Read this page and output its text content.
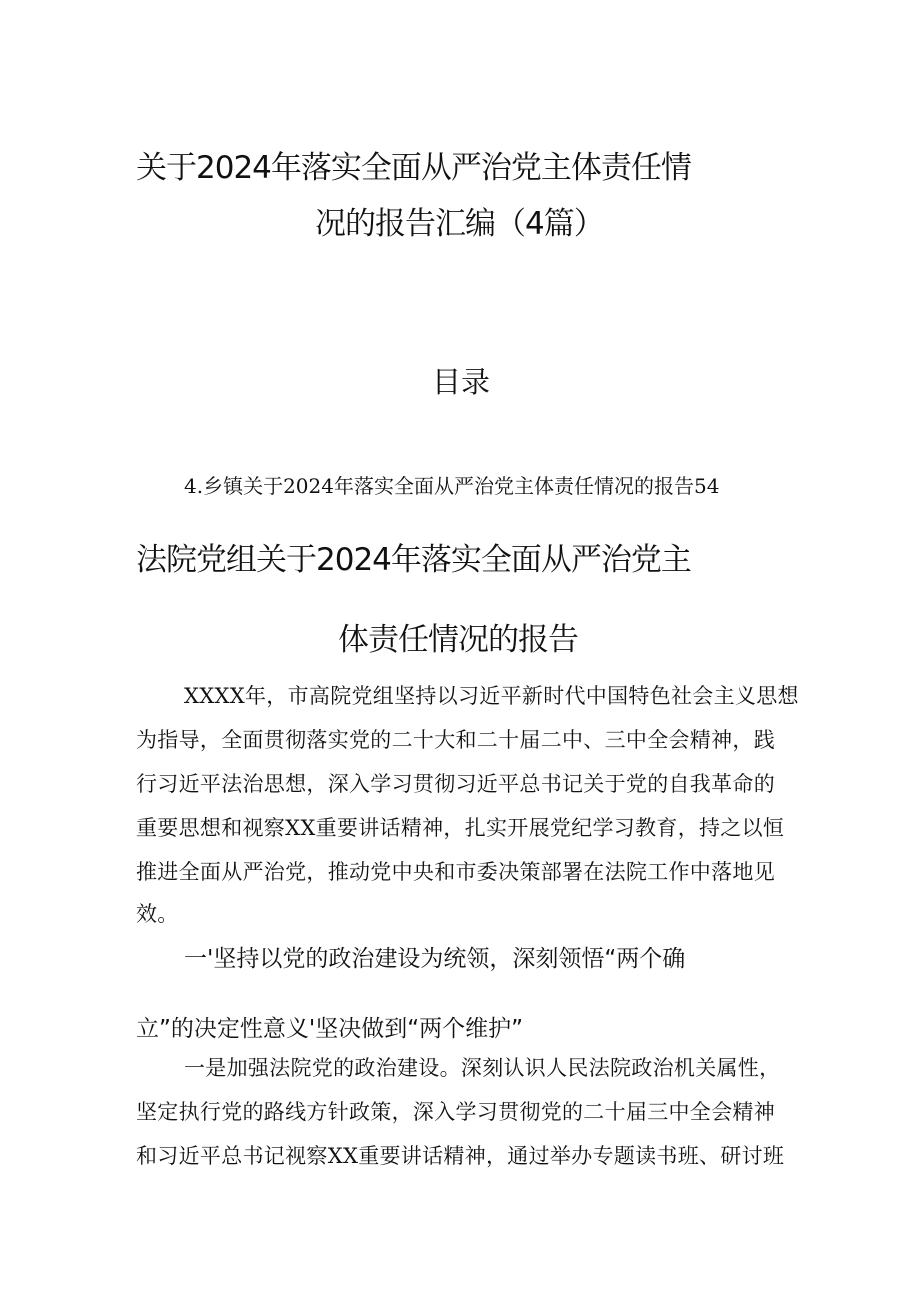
关于2024年落实全面从严治党主体责任情

况的报告汇编（4篇）

目录

4.乡镇关于2024年落实全面从严治党主体责任情况的报告54

法院党组关于2024年落实全面从严治党主

体责任情况的报告

XXXX年，市高院党组坚持以习近平新时代中国特色社会主义思想

为指导，全面贯彻落实党的二十大和二十届二中、三中全会精神，践

行习近平法治思想，深入学习贯彻习近平总书记关于党的自我革命的

重要思想和视察XX重要讲话精神，扎实开展党纪学习教育，持之以恒

推进全面从严治党，推动党中央和市委决策部署在法院工作中落地见

效。

一'坚持以党的政治建设为统领，深刻领悟“两个确

立”的决定性意义'坚决做到“两个维护”

一是加强法院党的政治建设。深刻认识人民法院政治机关属性，

坚定执行党的路线方针政策，深入学习贯彻党的二十届三中全会精神

和习近平总书记视察XX重要讲话精神，通过举办专题读书班、研讨班
